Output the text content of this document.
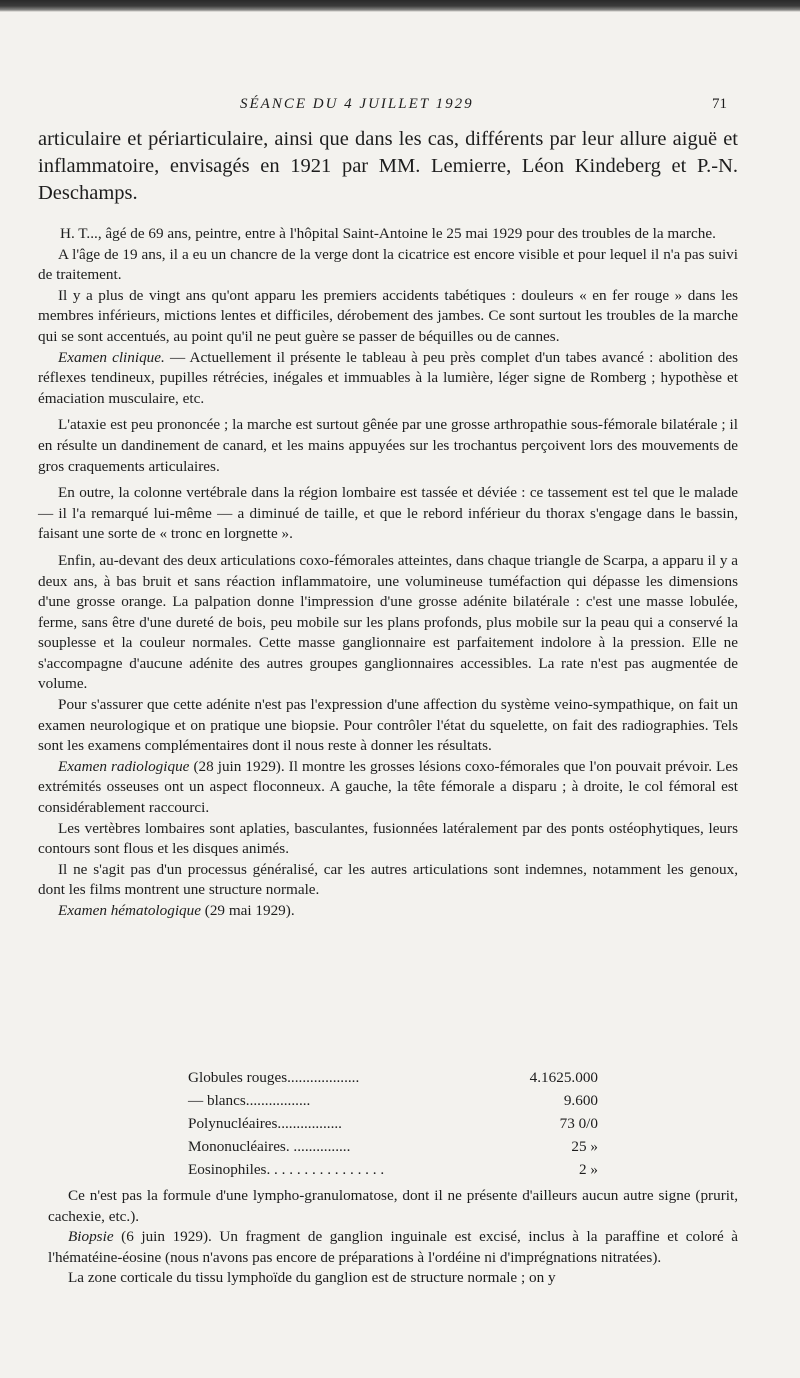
SÉANCE DU 4 JUILLET 1929	71

articulaire et périarticulaire, ainsi que dans les cas, différents par leur allure aiguë et inflammatoire, envisagés en 1921 par MM. Lemierre, Léon Kindeberg et P.-N. Deschamps.

H. T..., âgé de 69 ans, peintre, entre à l'hôpital Saint-Antoine le 25 mai 1929 pour des troubles de la marche.

A l'âge de 19 ans, il a eu un chancre de la verge dont la cicatrice est encore visible et pour lequel il n'a pas suivi de traitement.

Il y a plus de vingt ans qu'ont apparu les premiers accidents tabétiques : douleurs « en fer rouge » dans les membres inférieurs, mictions lentes et difficiles, dérobement des jambes. Ce sont surtout les troubles de la marche qui se sont accentués, au point qu'il ne peut guère se passer de béquilles ou de cannes.

Examen clinique. — Actuellement il présente le tableau à peu près complet d'un tabes avancé : abolition des réflexes tendineux, pupilles rétrécies, inégales et immuables à la lumière, léger signe de Romberg ; hypothèse et émaciation musculaire, etc.

L'ataxie est peu prononcée ; la marche est surtout gênée par une grosse arthropathie sous-fémorale bilatérale ; il en résulte un dandinement de canard, et les mains appuyées sur les trochantus perçoivent lors des mouvements de gros craquements articulaires.

En outre, la colonne vertébrale dans la région lombaire est tassée et déviée : ce tassement est tel que le malade — il l'a remarqué lui-même — a diminué de taille, et que le rebord inférieur du thorax s'engage dans le bassin, faisant une sorte de « tronc en lorgnette ».

Enfin, au-devant des deux articulations coxo-fémorales atteintes, dans chaque triangle de Scarpa, a apparu il y a deux ans, à bas bruit et sans réaction inflammatoire, une volumineuse tuméfaction qui dépasse les dimensions d'une grosse orange. La palpation donne l'impression d'une grosse adénite bilatérale : c'est une masse lobulée, ferme, sans être d'une dureté de bois, peu mobile sur les plans profonds, plus mobile sur la peau qui a conservé la souplesse et la couleur normales. Cette masse ganglionnaire est parfaitement indolore à la pression. Elle ne s'accompagne d'aucune adénite des autres groupes ganglionnaires accessibles. La rate n'est pas augmentée de volume.

Pour s'assurer que cette adénite n'est pas l'expression d'une affection du système veino-sympathique, on fait un examen neurologique et on pratique une biopsie. Pour contrôler l'état du squelette, on fait des radiographies. Tels sont les examens complémentaires dont il nous reste à donner les résultats.

Examen radiologique (28 juin 1929). Il montre les grosses lésions coxo-fémorales que l'on pouvait prévoir. Les extrémités osseuses ont un aspect floconneux. A gauche, la tête fémorale a disparu ; à droite, le col fémoral est considérablement raccourci.

Les vertèbres lombaires sont aplaties, basculantes, fusionnées latéralement par des ponts ostéophytiques, leurs contours sont flous et les disques animés.

Il ne s'agit pas d'un processus généralisé, car les autres articulations sont indemnes, notamment les genoux, dont les films montrent une structure normale.

Examen hématologique (29 mai 1929).

Globules rouges...................	4.1625.000
— blancs.................	9.600
Polynucléaires.................	73 0/0
Mononucléaires. ...............	25 »
Eosinophiles. . . . . . . . . . . . . . . .	2 »

Ce n'est pas la formule d'une lympho-granulomatose, dont il ne présente d'ailleurs aucun autre signe (prurit, cachexie, etc.).

Biopsie (6 juin 1929). Un fragment de ganglion inguinale est excisé, inclus à la paraffine et coloré à l'hématéine-éosine (nous n'avons pas encore de préparations à l'ordéine ni d'imprégnations nitratées).

La zone corticale du tissu lymphoïde du ganglion est de structure normale ; on y
